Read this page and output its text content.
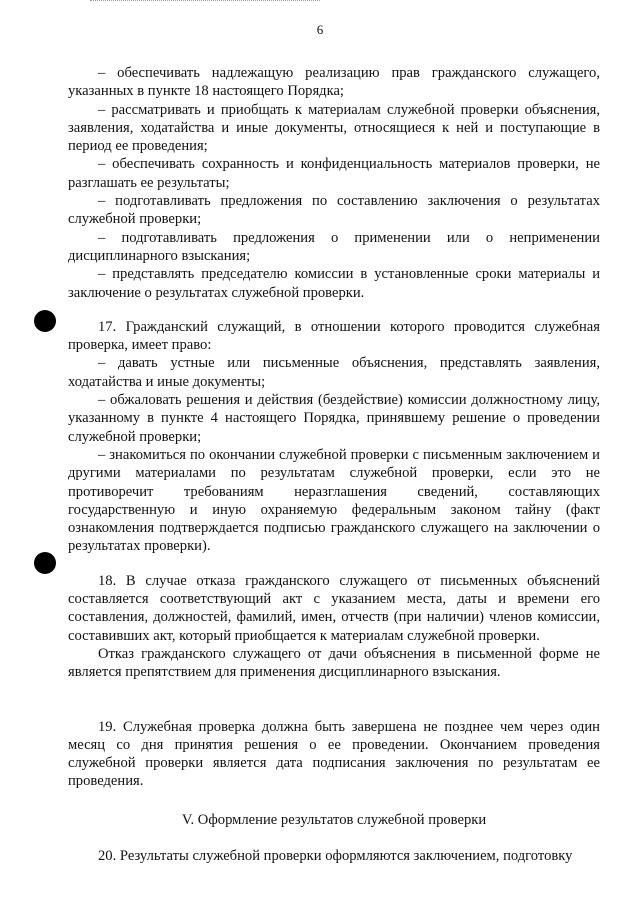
6

– обеспечивать надлежащую реализацию прав гражданского служащего, указанных в пункте 18 настоящего Порядка;

– рассматривать и приобщать к материалам служебной проверки объяснения, заявления, ходатайства и иные документы, относящиеся к ней и поступающие в период ее проведения;

– обеспечивать сохранность и конфиденциальность материалов проверки, не разглашать ее результаты;

– подготавливать предложения по составлению заключения о результатах служебной проверки;

– подготавливать предложения о применении или о неприменении дисциплинарного взыскания;

– представлять председателю комиссии в установленные сроки материалы и заключение о результатах служебной проверки.

17. Гражданский служащий, в отношении которого проводится служебная проверка, имеет право:

– давать устные или письменные объяснения, представлять заявления, ходатайства и иные документы;

– обжаловать решения и действия (бездействие) комиссии должностному лицу, указанному в пункте 4 настоящего Порядка, принявшему решение о проведении служебной проверки;

– знакомиться по окончании служебной проверки с письменным заключением и другими материалами по результатам служебной проверки, если это не противоречит требованиям неразглашения сведений, составляющих государственную и иную охраняемую федеральным законом тайну (факт ознакомления подтверждается подписью гражданского служащего на заключении о результатах проверки).

18. В случае отказа гражданского служащего от письменных объяснений составляется соответствующий акт с указанием места, даты и времени его составления, должностей, фамилий, имен, отчеств (при наличии) членов комиссии, составивших акт, который приобщается к материалам служебной проверки.

Отказ гражданского служащего от дачи объяснения в письменной форме не является препятствием для применения дисциплинарного взыскания.

19. Служебная проверка должна быть завершена не позднее чем через один месяц со дня принятия решения о ее проведении. Окончанием проведения служебной проверки является дата подписания заключения по результатам ее проведения.

V. Оформление результатов служебной проверки

20. Результаты служебной проверки оформляются заключением, подготовку
